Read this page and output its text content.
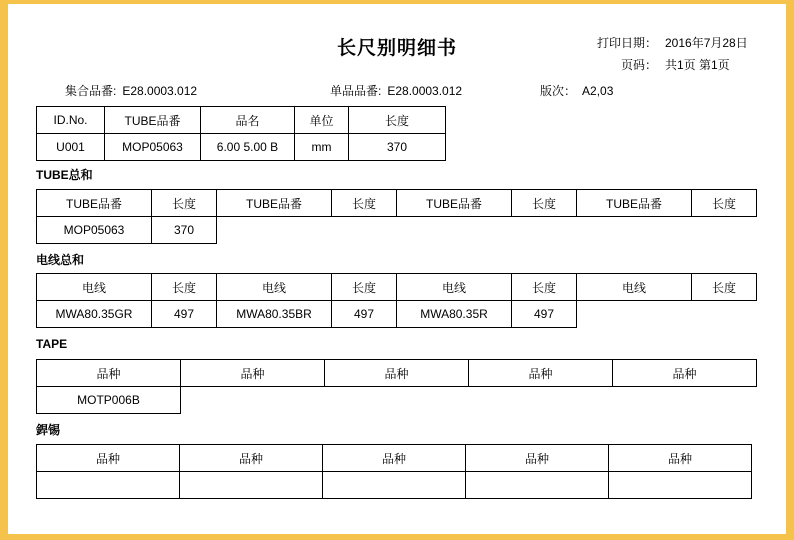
长尺别明细书	打印日期： 2016年7月28日
页码： 共1页 第1页
集合品番: E28.0003.012	单品品番: E28.0003.012	版次： A2,03
ID.No.	TUBE品番	品名	单位	长度
U001	MOP05063	6.00 5.00 B	mm	370
TUBE总和
TUBE品番	长度	TUBE品番	长度	TUBE品番	长度	TUBE品番	长度
MOP05063	370						
电线总和
电线	长度	电线	长度	电线	长度	电线	长度
MWA80.35GR	497	MWA80.35BR	497	MWA80.35R	497		
TAPE
品种	品种	品种	品种	品种
MOTP006B				
銲锡
品种	品种	品种	品种	品种
